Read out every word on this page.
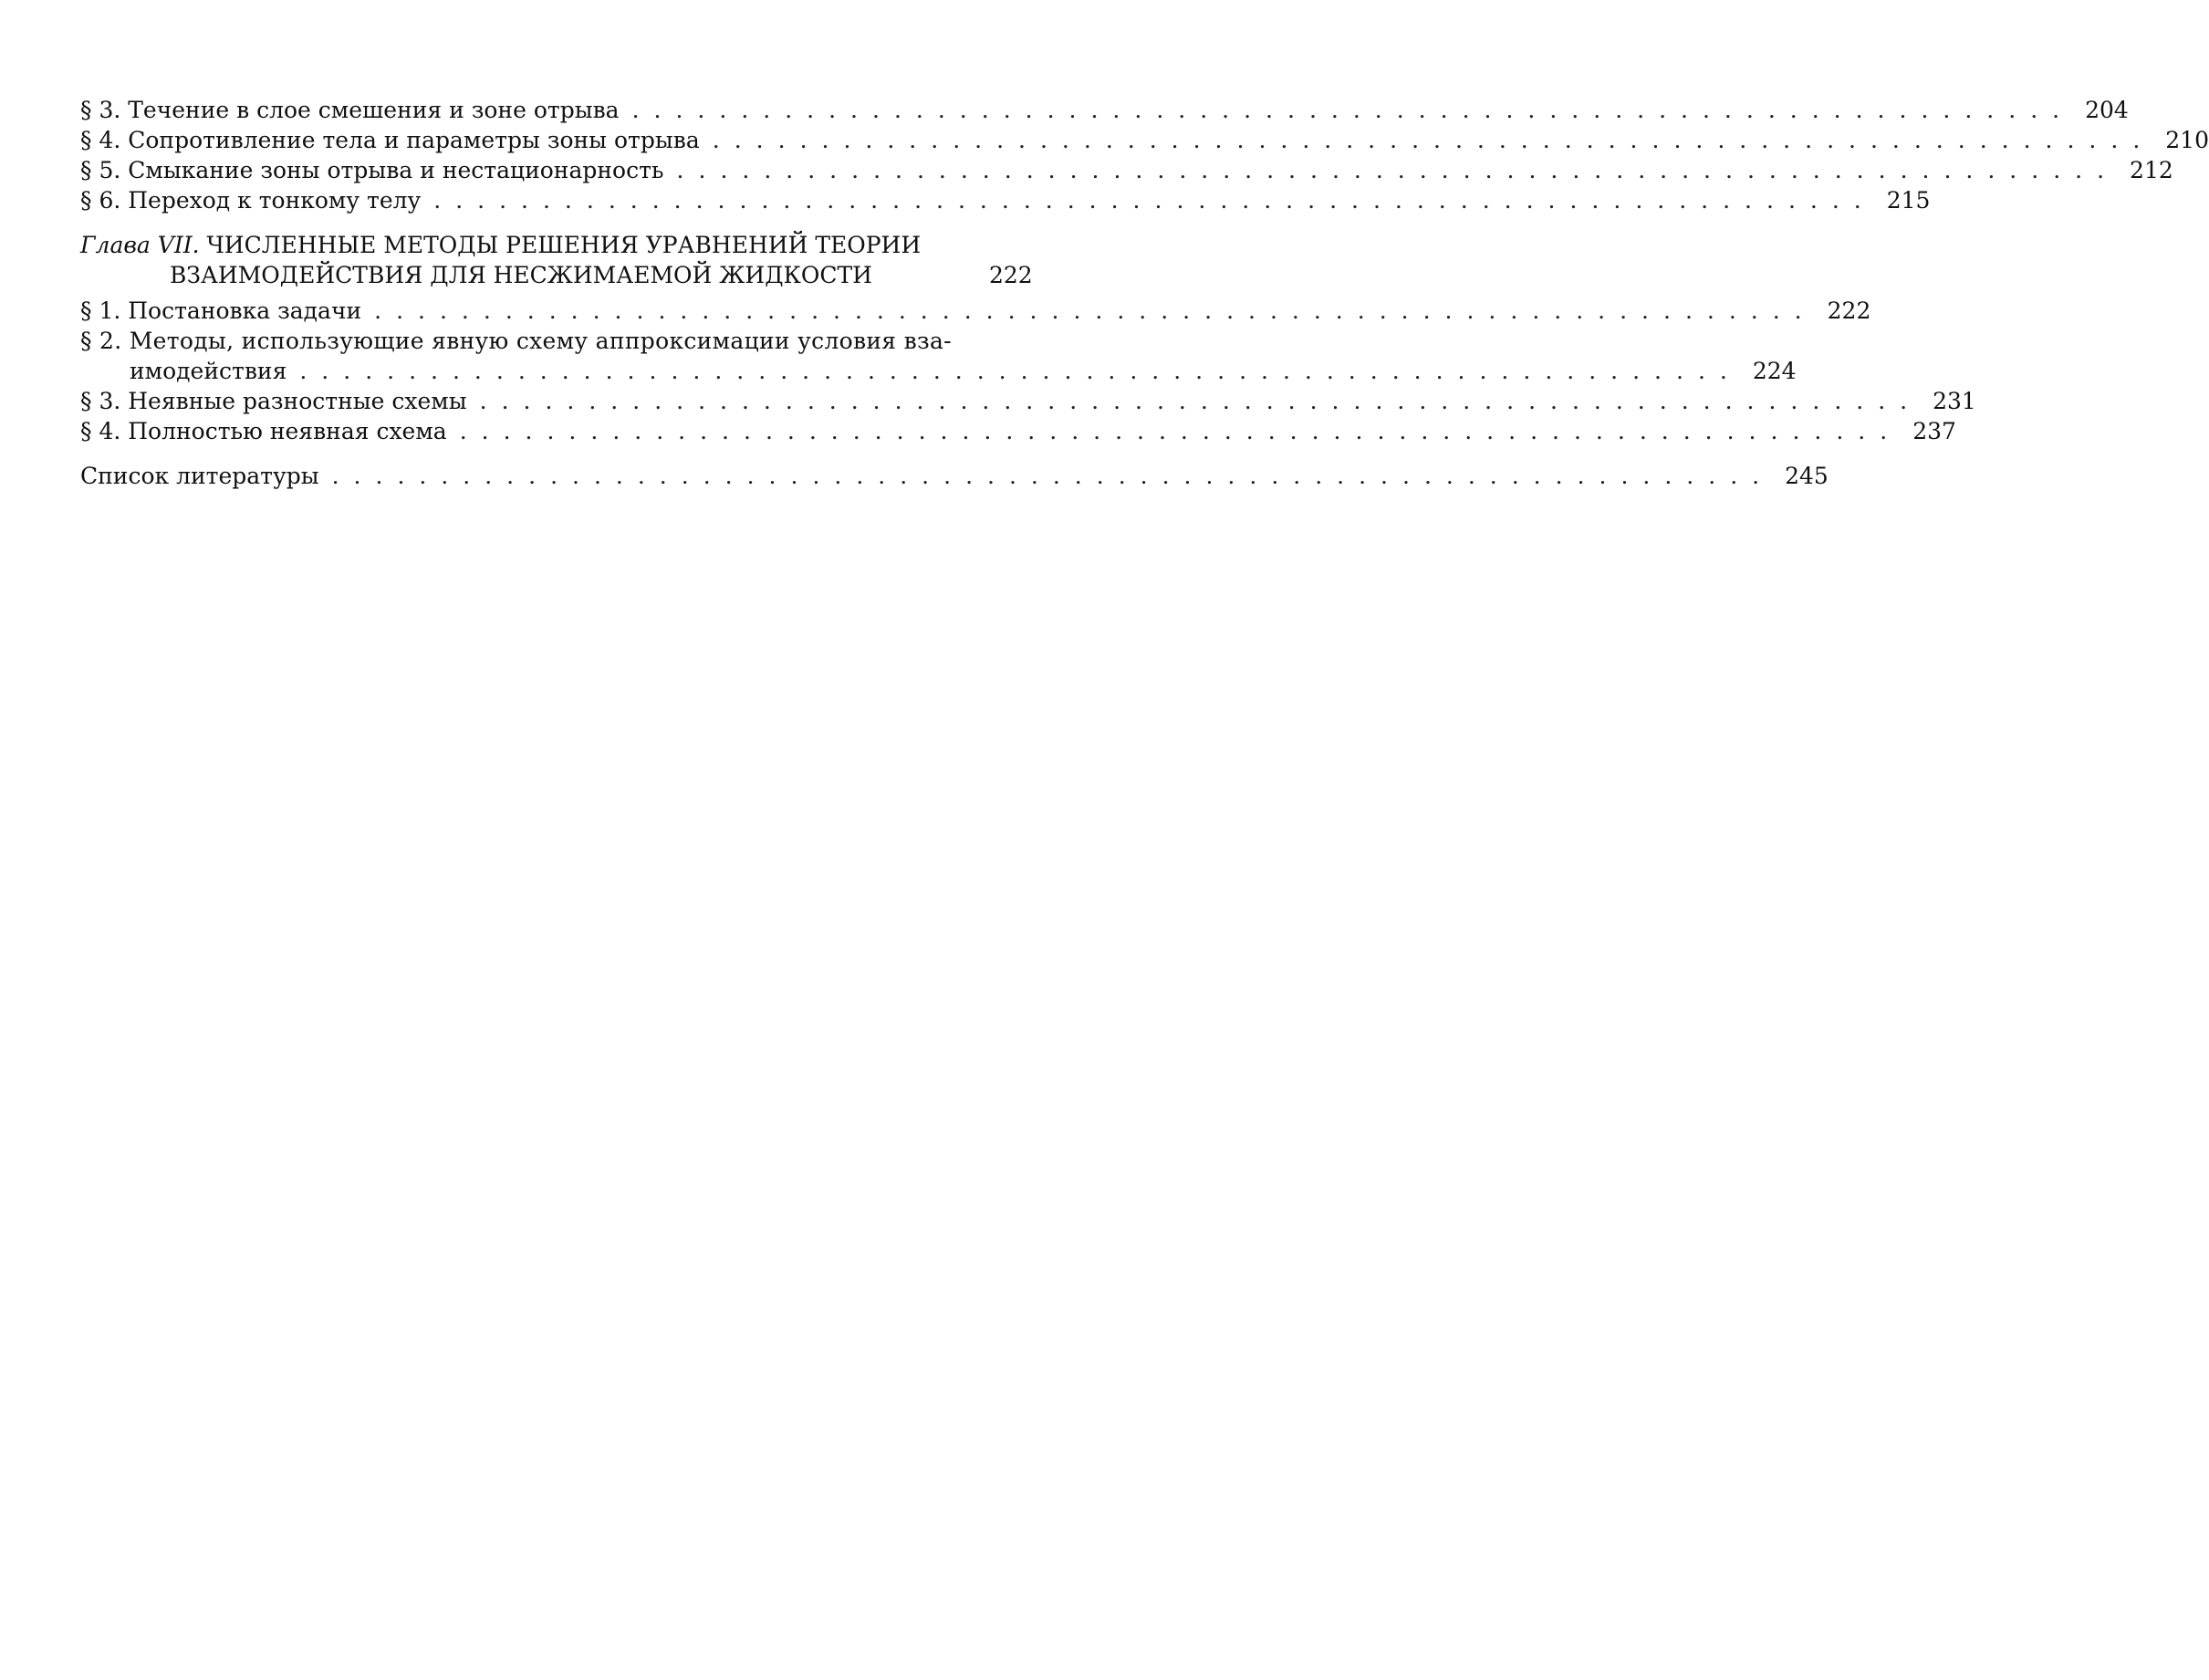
§ 3. Течение в слое смешения и зоне отрыва .................................................................. 204
§ 4. Сопротивление тела и параметры зоны отрыва .................................................................. 210
§ 5. Смыкание зоны отрыва и нестационарность .................................................................. 212
§ 6. Переход к тонкому телу .................................................................. 215
Глава VII. ЧИСЛЕННЫЕ МЕТОДЫ РЕШЕНИЯ УРАВНЕНИЙ ТЕОРИИ
ВЗАИМОДЕЙСТВИЯ ДЛЯ НЕСЖИМАЕМОЙ ЖИДКОСТИ	222
§ 1. Постановка задачи .................................................................. 222
§ 2. Методы, использующие явную схему аппроксимации условия вза-
имодействия .................................................................. 224
§ 3. Неявные разностные схемы .................................................................. 231
§ 4. Полностью неявная схема .................................................................. 237
Список литературы .................................................................. 245
